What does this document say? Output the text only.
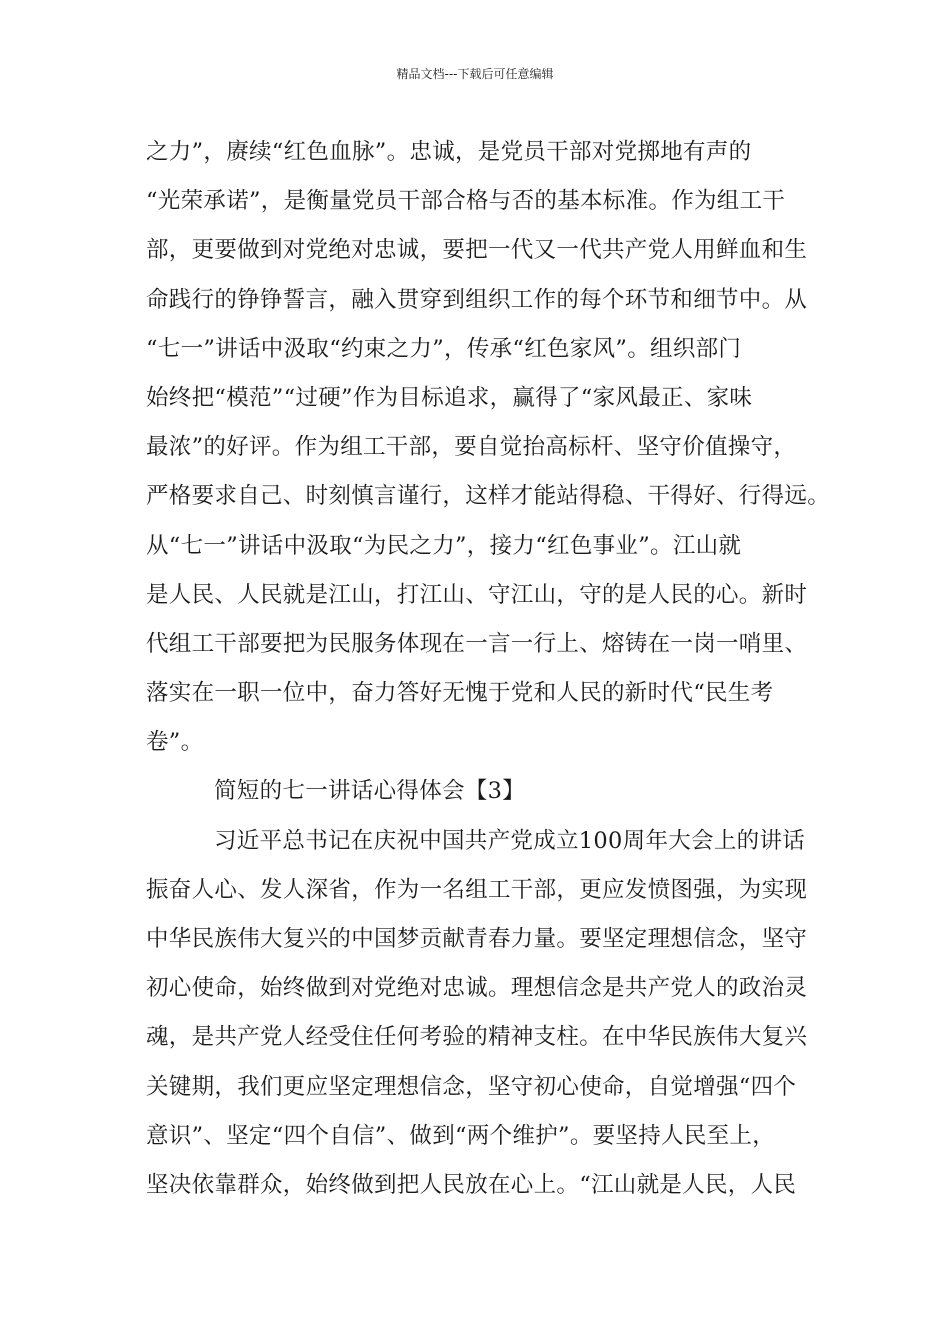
精品文档---下载后可任意编辑
之力”，赓续“红色血脉”。忠诚，是党员干部对党掷地有声的
“光荣承诺”，是衡量党员干部合格与否的基本标准。作为组工干
部，更要做到对党绝对忠诚，要把一代又一代共产党人用鲜血和生
命践行的铮铮誓言，融入贯穿到组织工作的每个环节和细节中。从
“七一”讲话中汲取“约束之力”，传承“红色家风”。组织部门
始终把“模范”“过硬”作为目标追求，赢得了“家风最正、家味
最浓”的好评。作为组工干部，要自觉抬高标杆、坚守价值操守，
严格要求自己、时刻慎言谨行，这样才能站得稳、干得好、行得远。
从“七一”讲话中汲取“为民之力”，接力“红色事业”。江山就
是人民、人民就是江山，打江山、守江山，守的是人民的心。新时
代组工干部要把为民服务体现在一言一行上、熔铸在一岗一哨里、
落实在一职一位中，奋力答好无愧于党和人民的新时代“民生考
卷”。
简短的七一讲话心得体会【3】
习近平总书记在庆祝中国共产党成立100周年大会上的讲话
振奋人心、发人深省，作为一名组工干部，更应发愤图强，为实现
中华民族伟大复兴的中国梦贡献青春力量。要坚定理想信念，坚守
初心使命，始终做到对党绝对忠诚。理想信念是共产党人的政治灵
魂，是共产党人经受住任何考验的精神支柱。在中华民族伟大复兴
关键期，我们更应坚定理想信念，坚守初心使命，自觉增强“四个
意识”、坚定“四个自信”、做到“两个维护”。要坚持人民至上，
坚决依靠群众，始终做到把人民放在心上。“江山就是人民，人民
